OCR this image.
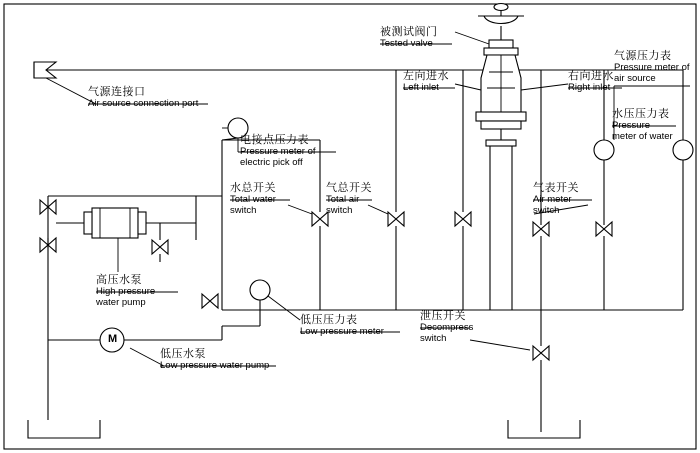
气源连接口
Air source connection port
被测试阀门
Tested valve
左向进水
Left inlet
右向进水
Right inlet
气源压力表
Pressure meter of air source
水压压力表
Pressure meter of water
电接点压力表
Pressure meter of electric pick off
水总开关
Total water switch
气总开关
Total air switch
气表开关
Air meter switch
高压水泵
High pressure water pump
低压压力表
Low pressure meter
低压水泵
Low pressure water pump
泄压开关
Decompress switch
M
